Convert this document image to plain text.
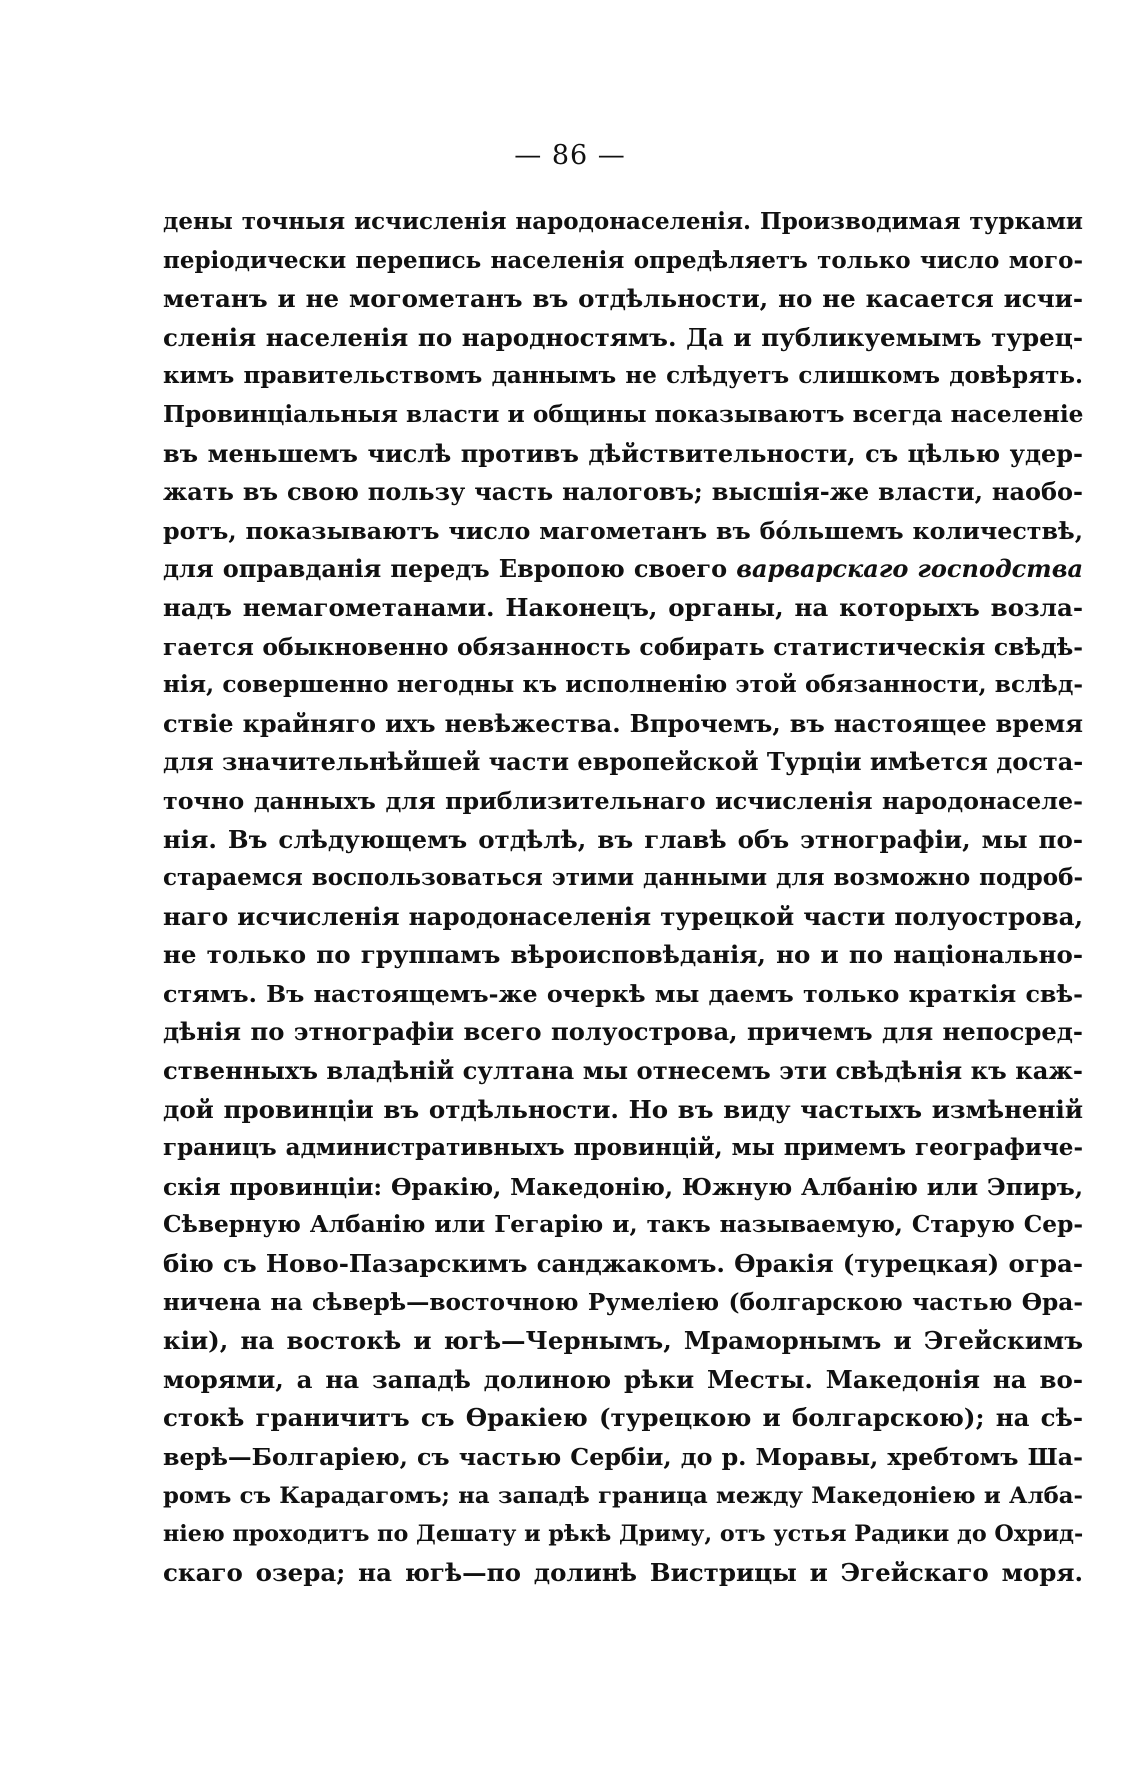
— 86 —
дены точныя исчисленія народонаселенія. Производимая турками
періодически перепись населенія опредѣляетъ только число могo-
метанъ и не могометанъ въ отдѣльности, но не касается исчи-
сленія населенія по народностямъ. Да и публикуемымъ турец-
кимъ правительствомъ даннымъ не слѣдуетъ слишкомъ довѣрять.
Провинціальныя власти и общины показываютъ всегда населеніе
въ меньшемъ числѣ противъ дѣйствительности, съ цѣлью удер-
жать въ свою пользу часть налоговъ; высшія-же власти, наобо-
ротъ, показываютъ число магометанъ въ бо́льшемъ количествѣ,
для оправданія передъ Европою своего варварскаго господства
надъ немагометанами. Наконецъ, органы, на которыхъ возла-
гается обыкновенно обязанность собирать статистическія свѣдѣ-
нія, совершенно негодны къ исполненію этой обязанности, вслѣд-
ствіе крайняго ихъ невѣжества. Впрочемъ, въ настоящее время
для значительнѣйшей части европейской Турціи имѣется доста-
точно данныхъ для приблизительнаго исчисленія народонаселе-
нія. Въ слѣдующемъ отдѣлѣ, въ главѣ объ этнографіи, мы по-
стараемся воспользоваться этими данными для возможно подроб-
наго исчисленія народонаселенія турецкой части полуострова,
не только по группамъ вѣроисповѣданія, но и по національно-
стямъ. Въ настоящемъ-же очеркѣ мы даемъ только краткія свѣ-
дѣнія по этнографіи всего полуострова, причемъ для непосред-
ственныхъ владѣній султана мы отнесемъ эти свѣдѣнія къ каж-
дой провинціи въ отдѣльности. Но въ виду частыхъ измѣненій
границъ административныхъ провинцій, мы примемъ географиче-
скія провинціи: Ѳракію, Македонію, Южную Албанію или Эпиръ,
Сѣверную Албанію или Гегарію и, такъ называемую, Старую Сер-
бію съ Ново-Пазарскимъ санджакомъ. Ѳракія (турецкая) огра-
ничена на сѣверѣ—восточною Румеліею (болгарскою частью Ѳра-
кіи), на востокѣ и югѣ—Чернымъ, Мраморнымъ и Эгейскимъ
морями, а на западѣ долиною рѣки Месты. Македонія на во-
стокѣ граничитъ съ Ѳракіею (турецкою и болгарскою); на сѣ-
верѣ—Болгаріею, съ частью Сербіи, до р. Моравы, хребтомъ Ша-
ромъ съ Карадагомъ; на западѣ граница между Македоніею и Алба-
ніею проходитъ по Дешату и рѣкѣ Дриму, отъ устья Радики до Охрид-
скаго озера; на югѣ—по долинѣ Вистрицы и Эгейскаго моря.
